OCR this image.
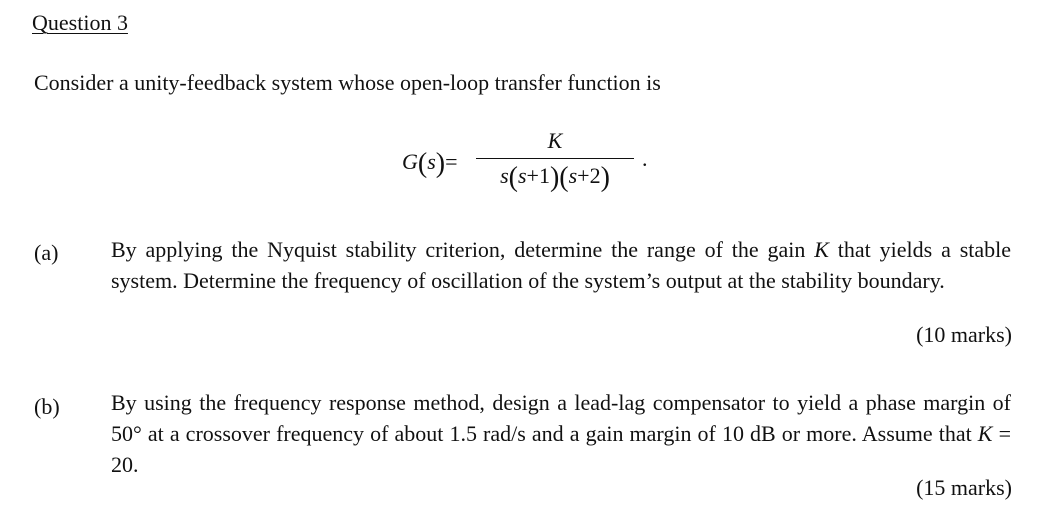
Question 3

Consider a unity-feedback system whose open-loop transfer function is

G(s)=
K
s(s+1)(s+2)
.

(a) By applying the Nyquist stability criterion, determine the range of the gain K that yields a stable system. Determine the frequency of oscillation of the system’s output at the stability boundary.

(10 marks)

(b) By using the frequency response method, design a lead-lag compensator to yield a phase margin of 50° at a crossover frequency of about 1.5 rad/s and a gain margin of 10 dB or more. Assume that K = 20.

(15 marks)
